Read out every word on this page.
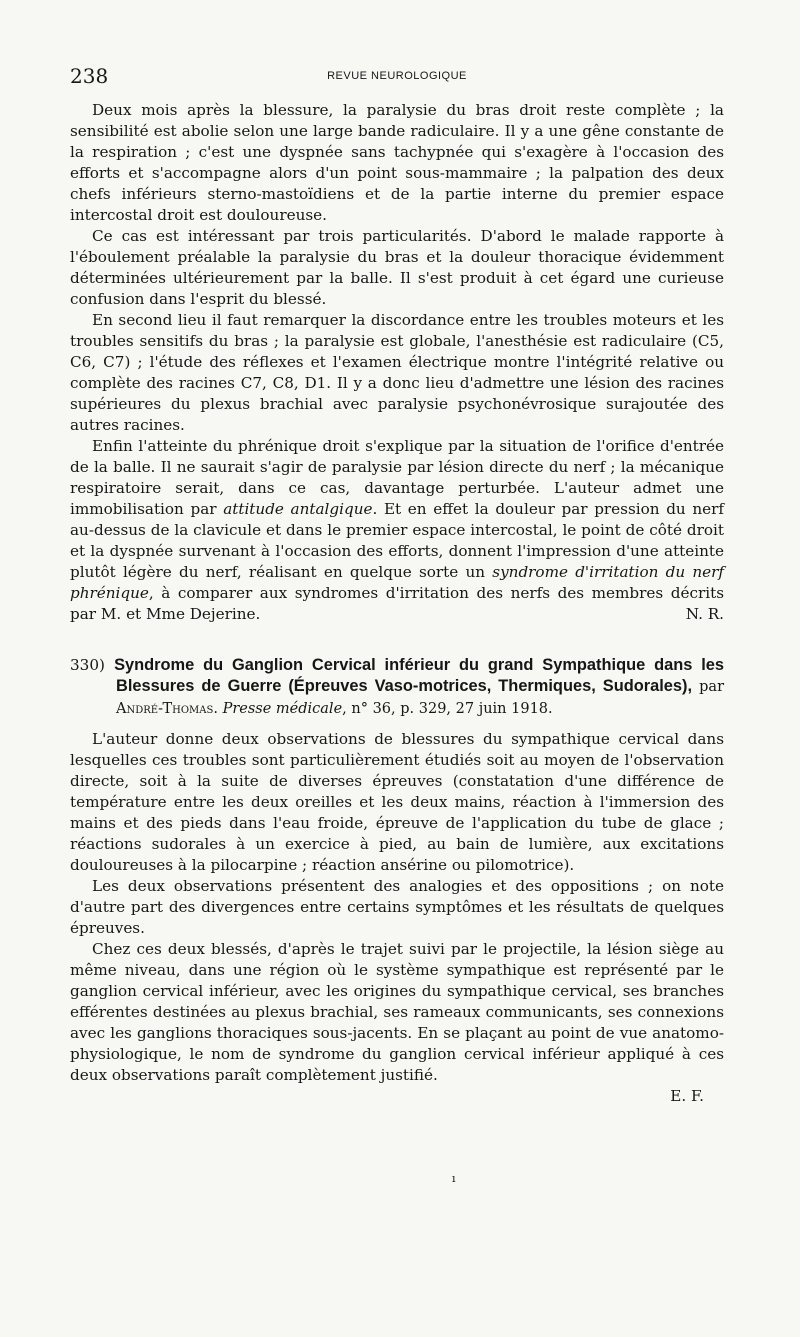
238	REVUE NEUROLOGIQUE

Deux mois après la blessure, la paralysie du bras droit reste complète ; la sensibilité est abolie selon une large bande radiculaire. Il y a une gêne constante de la respiration ; c'est une dyspnée sans tachypnée qui s'exagère à l'occasion des efforts et s'accompagne alors d'un point sous-mammaire ; la palpation des deux chefs inférieurs sterno-mastoïdiens et de la partie interne du premier espace intercostal droit est douloureuse.

Ce cas est intéressant par trois particularités. D'abord le malade rapporte à l'éboulement préalable la paralysie du bras et la douleur thoracique évidemment déterminées ultérieurement par la balle. Il s'est produit à cet égard une curieuse confusion dans l'esprit du blessé.

En second lieu il faut remarquer la discordance entre les troubles moteurs et les troubles sensitifs du bras ; la paralysie est globale, l'anesthésie est radiculaire (C5, C6, C7) ; l'étude des réflexes et l'examen électrique montre l'intégrité relative ou complète des racines C7, C8, D1. Il y a donc lieu d'admettre une lésion des racines supérieures du plexus brachial avec paralysie psychonévrosique surajoutée des autres racines.

Enfin l'atteinte du phrénique droit s'explique par la situation de l'orifice d'entrée de la balle. Il ne saurait s'agir de paralysie par lésion directe du nerf ; la mécanique respiratoire serait, dans ce cas, davantage perturbée. L'auteur admet une immobilisation par attitude antalgique. Et en effet la douleur par pression du nerf au-dessus de la clavicule et dans le premier espace intercostal, le point de côté droit et la dyspnée survenant à l'occasion des efforts, donnent l'impression d'une atteinte plutôt légère du nerf, réalisant en quelque sorte un syndrome d'irritation du nerf phrénique, à comparer aux syndromes d'irritation des nerfs des membres décrits par M. et Mme Dejerine.	N. R.

330) Syndrome du Ganglion Cervical inférieur du grand Sympathique dans les Blessures de Guerre (Épreuves Vaso-motrices, Thermiques, Sudorales), par André-Thomas. Presse médicale, n° 36, p. 329, 27 juin 1918.

L'auteur donne deux observations de blessures du sympathique cervical dans lesquelles ces troubles sont particulièrement étudiés soit au moyen de l'observation directe, soit à la suite de diverses épreuves (constatation d'une différence de température entre les deux oreilles et les deux mains, réaction à l'immersion des mains et des pieds dans l'eau froide, épreuve de l'application du tube de glace ; réactions sudorales à un exercice à pied, au bain de lumière, aux excitations douloureuses à la pilocarpine ; réaction ansérine ou pilomotrice).

Les deux observations présentent des analogies et des oppositions ; on note d'autre part des divergences entre certains symptômes et les résultats de quelques épreuves.

Chez ces deux blessés, d'après le trajet suivi par le projectile, la lésion siège au même niveau, dans une région où le système sympathique est représenté par le ganglion cervical inférieur, avec les origines du sympathique cervical, ses branches efférentes destinées au plexus brachial, ses rameaux communicants, ses connexions avec les ganglions thoraciques sous-jacents. En se plaçant au point de vue anatomo-physiologique, le nom de syndrome du ganglion cervical inférieur appliqué à ces deux observations paraît complètement justifié.

E. F.
ı
